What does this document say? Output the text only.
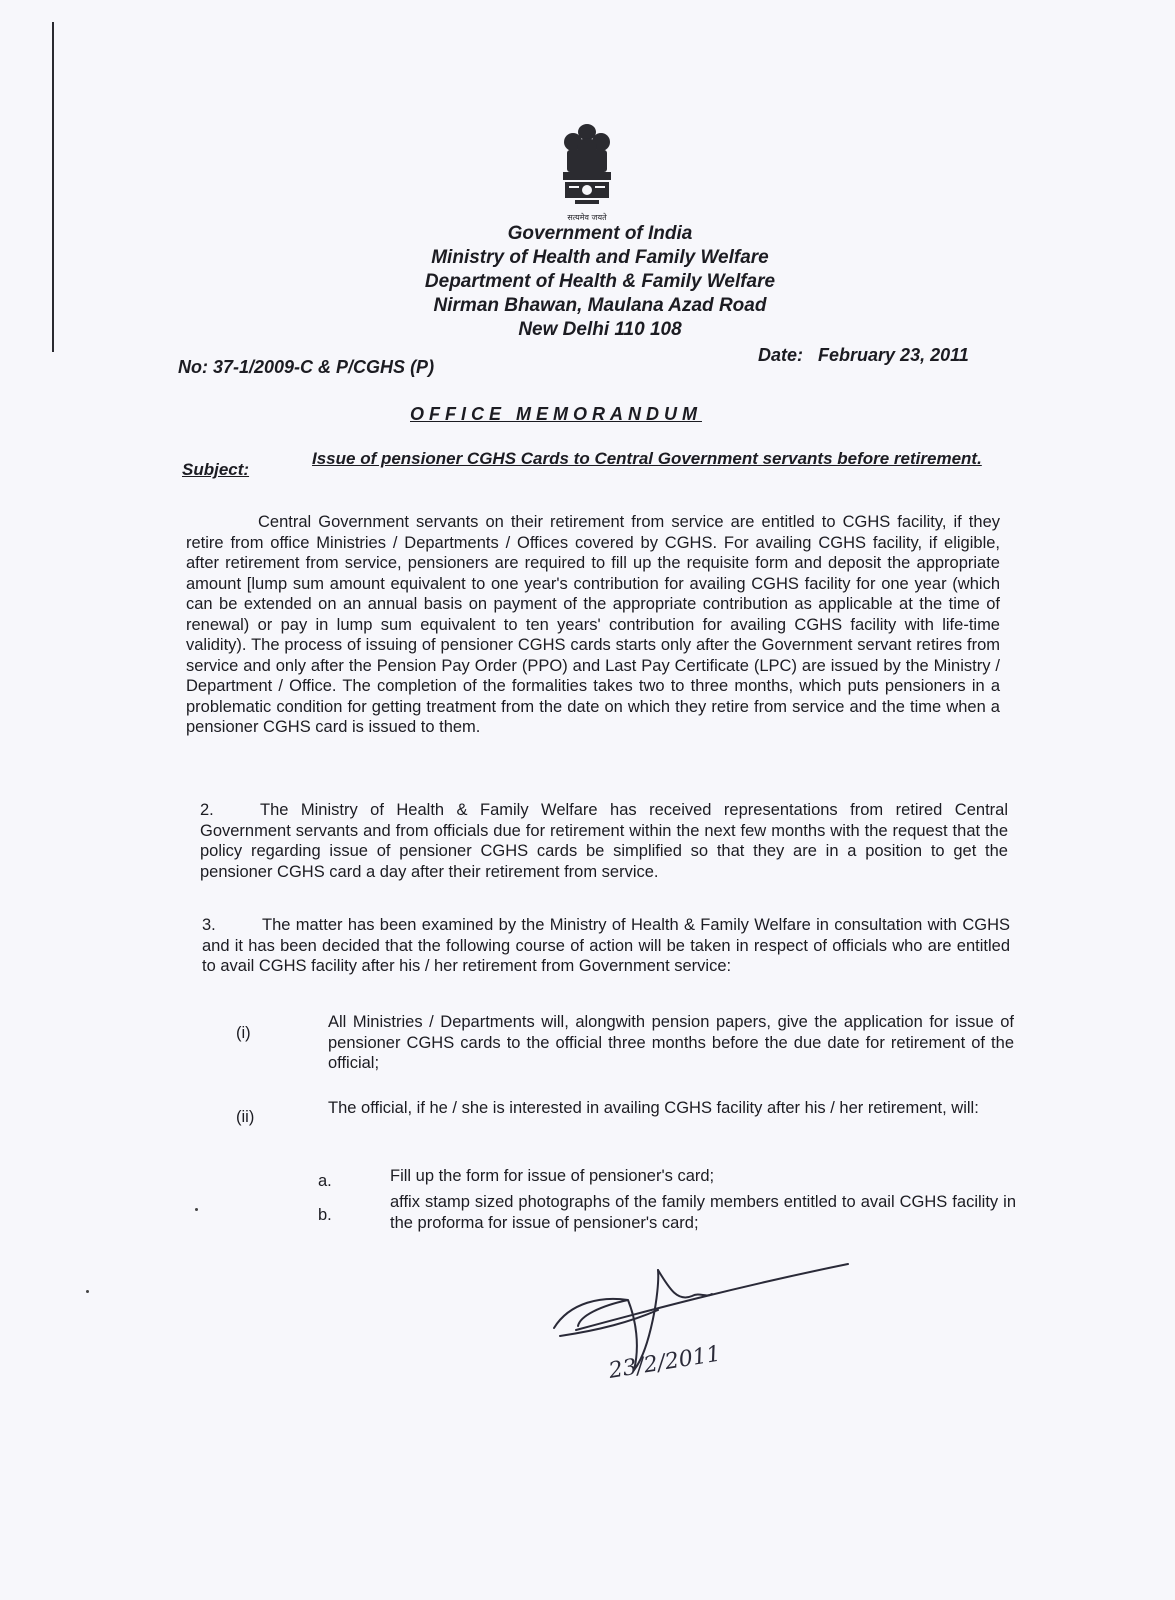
सत्यमेव जयते
Government of India
Ministry of Health and Family Welfare
Department of Health & Family Welfare
Nirman Bhawan, Maulana Azad Road
New Delhi 110 108
No: 37-1/2009-C & P/CGHS (P)
Date: February 23, 2011
OFFICE MEMORANDUM
Subject:
Issue of pensioner CGHS Cards to Central Government servants before retirement.
Central Government servants on their retirement from service are entitled to CGHS facility, if they retire from office Ministries / Departments / Offices covered by CGHS. For availing CGHS facility, if eligible, after retirement from service, pensioners are required to fill up the requisite form and deposit the appropriate amount [lump sum amount equivalent to one year's contribution for availing CGHS facility for one year (which can be extended on an annual basis on payment of the appropriate contribution as applicable at the time of renewal) or pay in lump sum equivalent to ten years' contribution for availing CGHS facility with life-time validity). The process of issuing of pensioner CGHS cards starts only after the Government servant retires from service and only after the Pension Pay Order (PPO) and Last Pay Certificate (LPC) are issued by the Ministry / Department / Office. The completion of the formalities takes two to three months, which puts pensioners in a problematic condition for getting treatment from the date on which they retire from service and the time when a pensioner CGHS card is issued to them.
2.	The Ministry of Health & Family Welfare has received representations from retired Central Government servants and from officials due for retirement within the next few months with the request that the policy regarding issue of pensioner CGHS cards be simplified so that they are in a position to get the pensioner CGHS card a day after their retirement from service.
3.	The matter has been examined by the Ministry of Health & Family Welfare in consultation with CGHS and it has been decided that the following course of action will be taken in respect of officials who are entitled to avail CGHS facility after his / her retirement from Government service:
(i)
All Ministries / Departments will, alongwith pension papers, give the application for issue of pensioner CGHS cards to the official three months before the due date for retirement of the official;
(ii)	The official, if he / she is interested in availing CGHS facility after his / her retirement, will:
a.	Fill up the form for issue of pensioner's card;
b.
affix stamp sized photographs of the family members entitled to avail CGHS facility in the proforma for issue of pensioner's card;
23/2/2011
